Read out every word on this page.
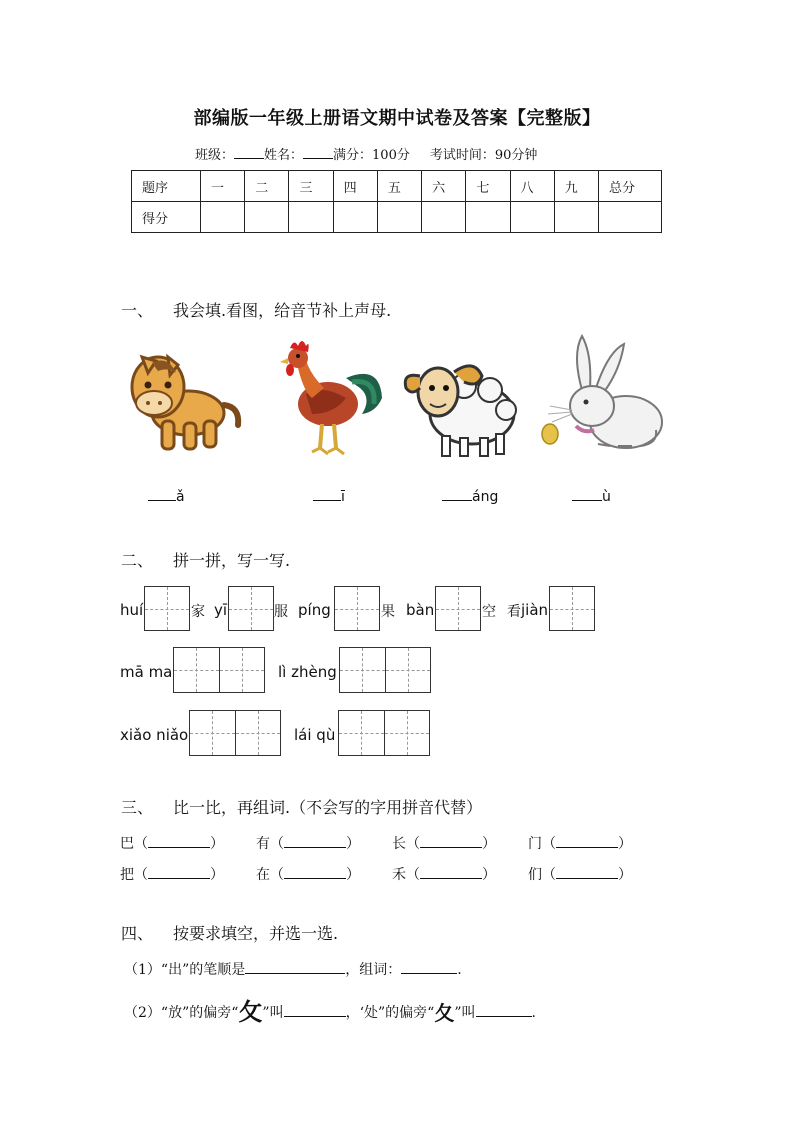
部编版一年级上册语文期中试卷及答案【完整版】
班级： 姓名： 满分：100分 考试时间：90分钟
题序	一	二	三	四	五	六	七	八	九	总分
得分										
一、 我会填.看图，给音节补上声母.
ǎ	ī	áng	ù
二、 拼一拼，写一写.
huí	家 yī	服 píng	果 bàn	空 看 jiàn
mā ma	lì zhèng
xiǎo niǎo	lái qù
三、 比一比，再组词.（不会写的字用拼音代替）
巴（	） 有（	） 长（	） 门（	）
把（	） 在（	） 禾（	） 们（	）
四、 按要求填空，并选一选.
（1）“出”的笔顺是	，组词：	.
（2）“放”的偏旁“攵”叫	，‘处”的偏旁“夂”叫	.
